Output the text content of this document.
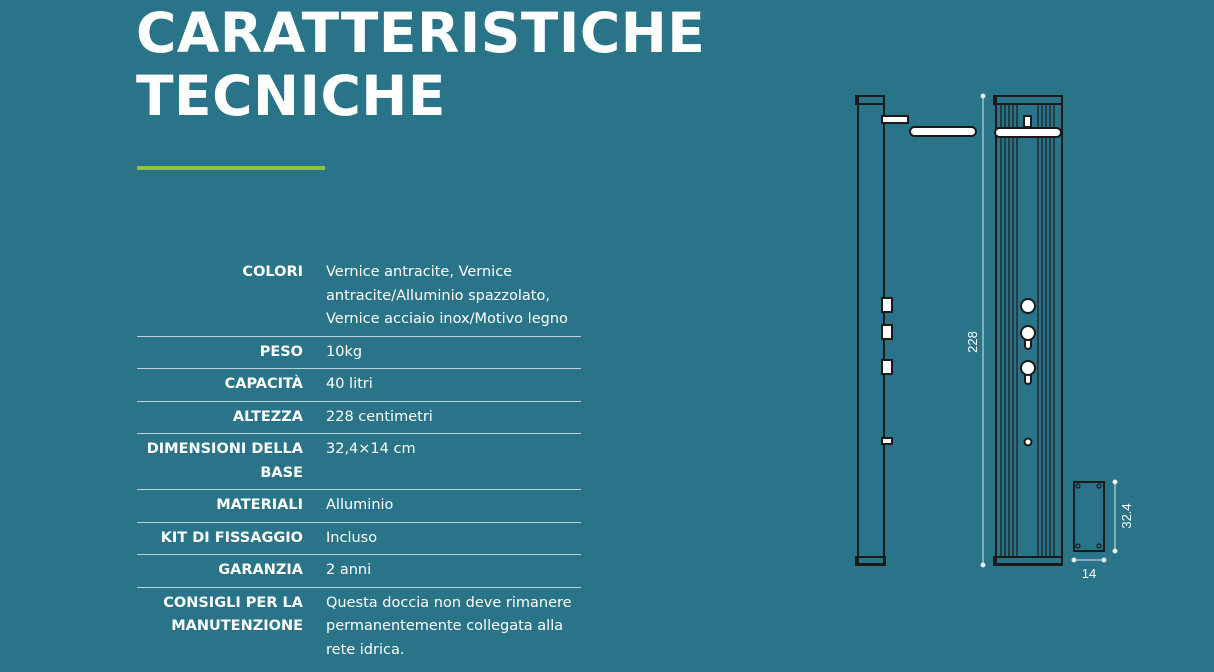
CARATTERISTICHE
TECNICHE
COLORI	Vernice antracite, Vernice antracite/Alluminio spazzolato, Vernice acciaio inox/Motivo legno
PESO	10kg
CAPACITÀ	40 litri
ALTEZZA	228 centimetri
DIMENSIONI DELLA BASE	32,4×14 cm
MATERIALI	Alluminio
KIT DI FISSAGGIO	Incluso
GARANZIA	2 anni
CONSIGLI PER LA MANUTENZIONE	Questa doccia non deve rimanere permanentemente collegata alla rete idrica.
228
32.4
14
